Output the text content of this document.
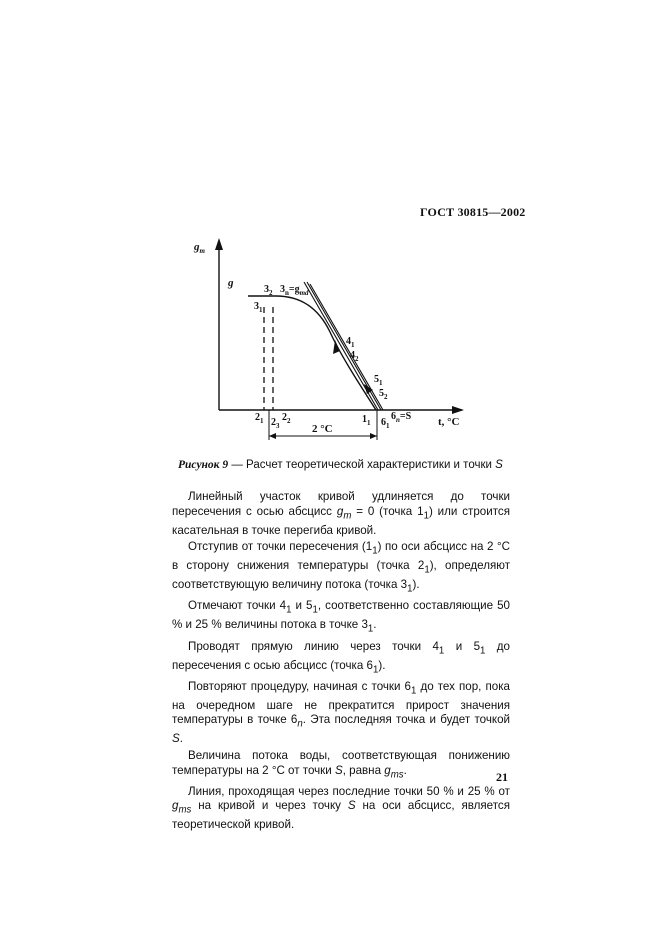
ГОСТ 30815—2002
$g_m$
g
$3_2$ $3_n=g_{md}$
$3_1$
$4_1$
$4_2$
$5_1$
$5_2$
$2_1$ $2_2$
$2_3$
$1_1$ $6_1$
$6_n=S$ t, °C
2 °C
Рисунок 9 — Расчет теоретической характеристики и точки S

Линейный участок кривой удлиняется до точки пересечения с осью абсцисс $g_m = 0$ (точка $1_1$) или строится касательная в точке перегиба кривой.

Отступив от точки пересечения $(1_1)$ по оси абсцисс на 2 °С в сторону снижения температуры (точка $2_1$), определяют соответствующую величину потока (точка $3_1$).

Отмечают точки $4_1$ и $5_1$, соответственно составляющие 50 % и 25 % величины потока в точке $3_1$.

Проводят прямую линию через точки $4_1$ и $5_1$ до пересечения с осью абсцисс (точка $6_1$).

Повторяют процедуру, начиная с точки $6_1$ до тех пор, пока на очередном шаге не прекратится прирост значения температуры в точке $6_n$. Эта последняя точка и будет точкой S.

Величина потока воды, соответствующая понижению температуры на 2 °С от точки S, равна $g_{ms}$.

Линия, проходящая через последние точки 50 % и 25 % от $g_{ms}$ на кривой и через точку S на оси абсцисс, является теоретической кривой.

21
